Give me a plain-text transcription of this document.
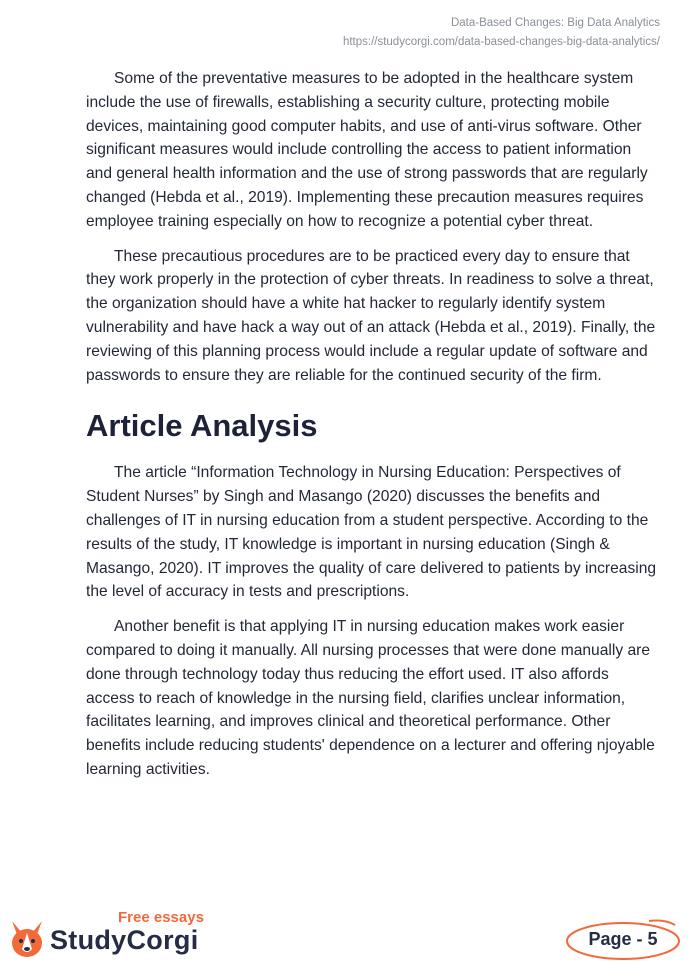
Data-Based Changes: Big Data Analytics
https://studycorgi.com/data-based-changes-big-data-analytics/

Some of the preventative measures to be adopted in the healthcare system include the use of firewalls, establishing a security culture, protecting mobile devices, maintaining good computer habits, and use of anti-virus software. Other significant measures would include controlling the access to patient information and general health information and the use of strong passwords that are regularly changed (Hebda et al., 2019). Implementing these precaution measures requires employee training especially on how to recognize a potential cyber threat.

These precautious procedures are to be practiced every day to ensure that they work properly in the protection of cyber threats. In readiness to solve a threat, the organization should have a white hat hacker to regularly identify system vulnerability and have hack a way out of an attack (Hebda et al., 2019). Finally, the reviewing of this planning process would include a regular update of software and passwords to ensure they are reliable for the continued security of the firm.

Article Analysis

The article “Information Technology in Nursing Education: Perspectives of Student Nurses” by Singh and Masango (2020) discusses the benefits and challenges of IT in nursing education from a student perspective. According to the results of the study, IT knowledge is important in nursing education (Singh & Masango, 2020). IT improves the quality of care delivered to patients by increasing the level of accuracy in tests and prescriptions.

Another benefit is that applying IT in nursing education makes work easier compared to doing it manually. All nursing processes that were done manually are done through technology today thus reducing the effort used. IT also affords access to reach of knowledge in the nursing field, clarifies unclear information, facilitates learning, and improves clinical and theoretical performance. Other benefits include reducing students' dependence on a lecturer and offering njoyable learning activities.

Free essays
StudyCorgi	Page - 5
